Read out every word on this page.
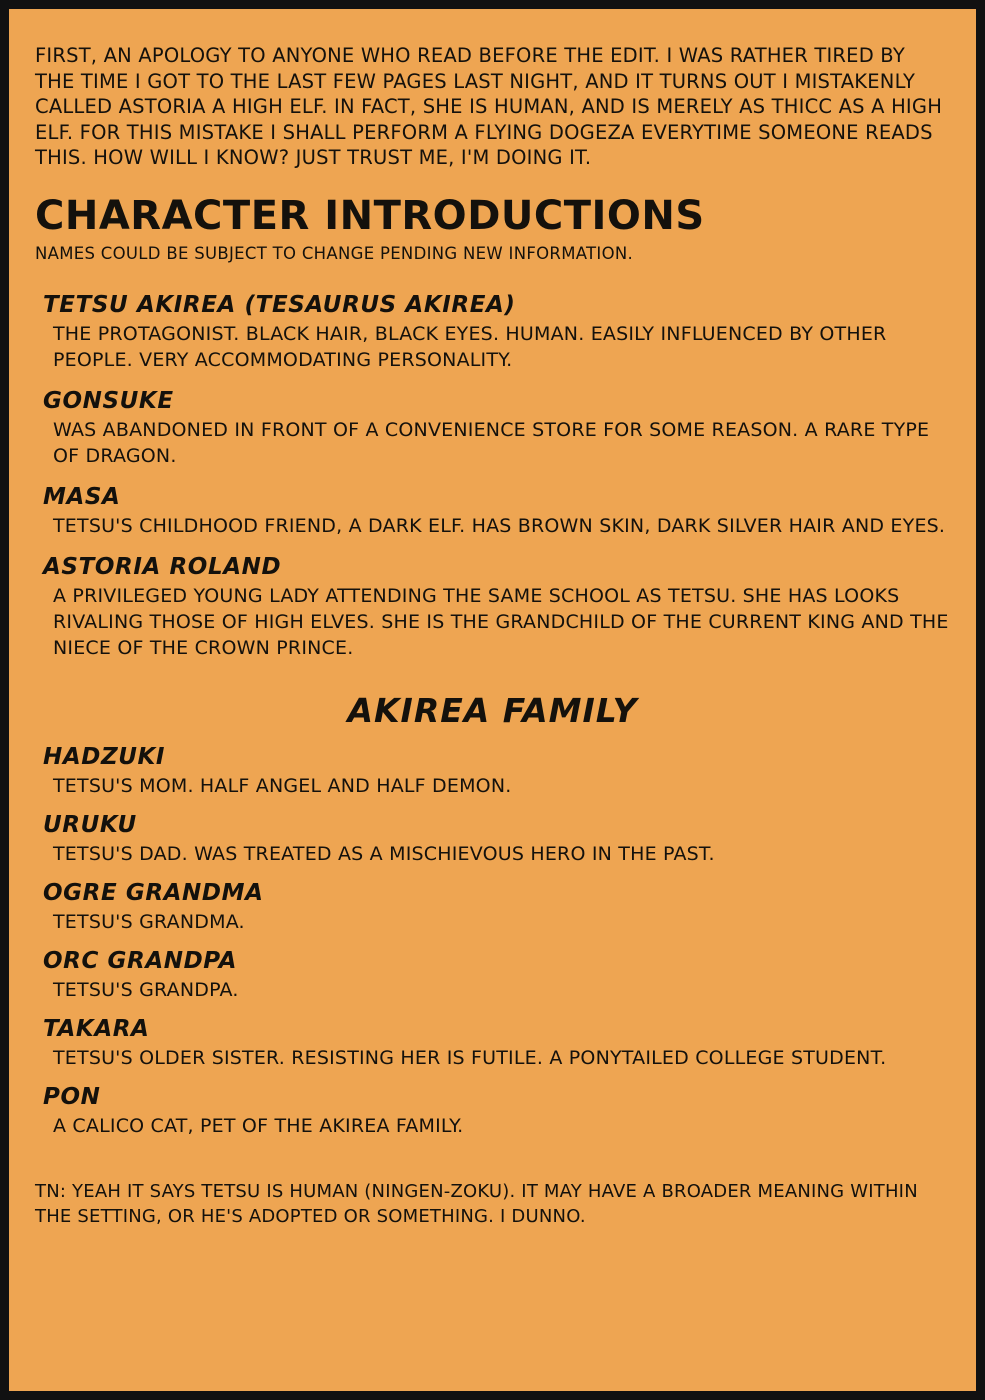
FIRST, AN APOLOGY TO ANYONE WHO READ BEFORE THE EDIT. I WAS RATHER TIRED BY THE TIME I GOT TO THE LAST FEW PAGES LAST NIGHT, AND IT TURNS OUT I MISTAKENLY CALLED ASTORIA A HIGH ELF. IN FACT, SHE IS HUMAN, AND IS MERELY AS THICC AS A HIGH ELF. FOR THIS MISTAKE I SHALL PERFORM A FLYING DOGEZA EVERYTIME SOMEONE READS THIS. HOW WILL I KNOW? JUST TRUST ME, I'M DOING IT.

CHARACTER INTRODUCTIONS

NAMES COULD BE SUBJECT TO CHANGE PENDING NEW INFORMATION.

TETSU AKIREA (TESAURUS AKIREA)
THE PROTAGONIST. BLACK HAIR, BLACK EYES. HUMAN. EASILY INFLUENCED BY OTHER PEOPLE. VERY ACCOMMODATING PERSONALITY.
GONSUKE
WAS ABANDONED IN FRONT OF A CONVENIENCE STORE FOR SOME REASON. A RARE TYPE OF DRAGON.
MASA
TETSU'S CHILDHOOD FRIEND, A DARK ELF. HAS BROWN SKIN, DARK SILVER HAIR AND EYES.
ASTORIA ROLAND
A PRIVILEGED YOUNG LADY ATTENDING THE SAME SCHOOL AS TETSU. SHE HAS LOOKS RIVALING THOSE OF HIGH ELVES. SHE IS THE GRANDCHILD OF THE CURRENT KING AND THE NIECE OF THE CROWN PRINCE.
AKIREA FAMILY
HADZUKI
TETSU'S MOM. HALF ANGEL AND HALF DEMON.
URUKU
TETSU'S DAD. WAS TREATED AS A MISCHIEVOUS HERO IN THE PAST.
OGRE GRANDMA
TETSU'S GRANDMA.
ORC GRANDPA
TETSU'S GRANDPA.
TAKARA
TETSU'S OLDER SISTER. RESISTING HER IS FUTILE. A PONYTAILED COLLEGE STUDENT.
PON
A CALICO CAT, PET OF THE AKIREA FAMILY.

TN: YEAH IT SAYS TETSU IS HUMAN (NINGEN-ZOKU). IT MAY HAVE A BROADER MEANING WITHIN THE SETTING, OR HE'S ADOPTED OR SOMETHING. I DUNNO.
